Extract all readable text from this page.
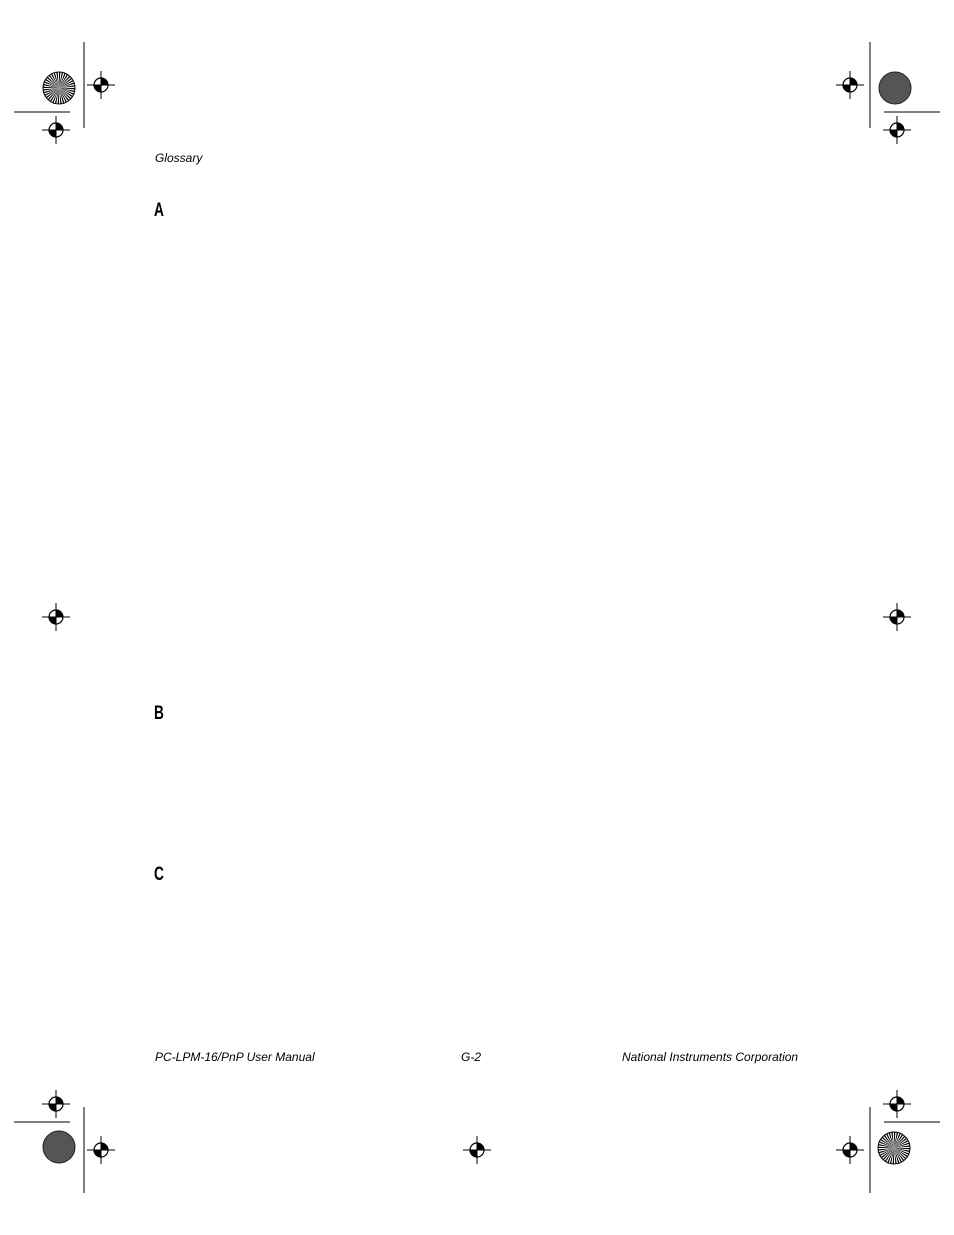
Glossary
A
B
C
PC-LPM-16/PnP User Manual	G-2	National Instruments Corporation
